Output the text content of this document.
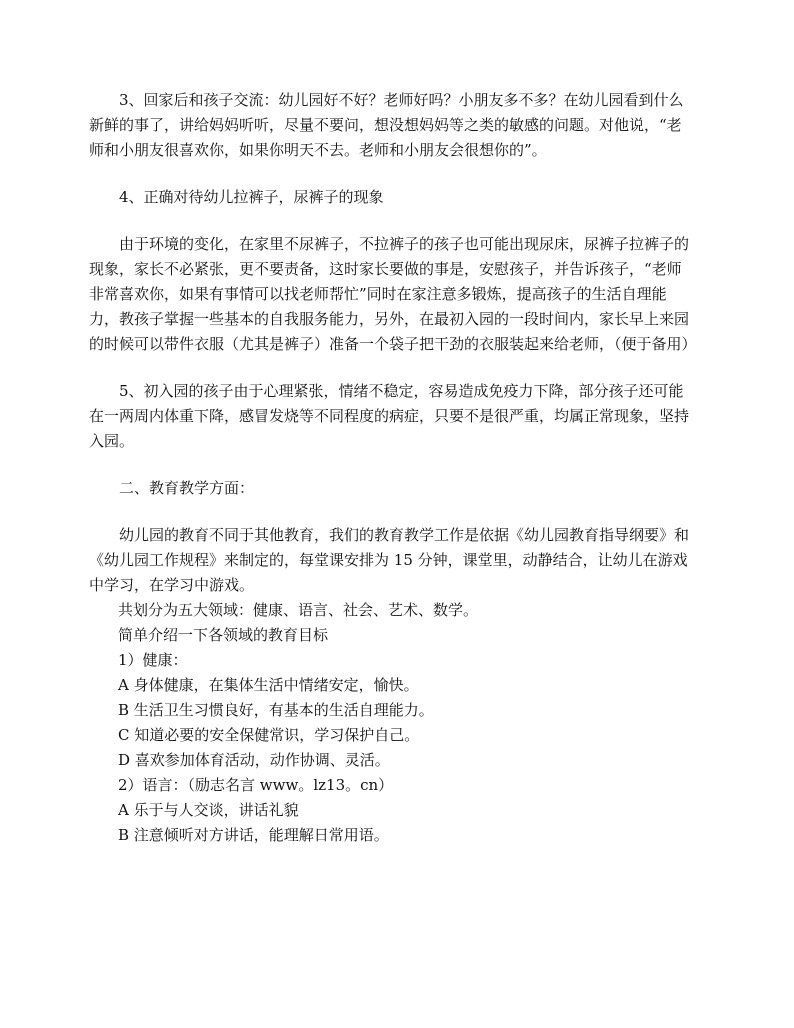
3、回家后和孩子交流：幼儿园好不好？老师好吗？小朋友多不多？在幼儿园看到什么新鲜的事了，讲给妈妈听听，尽量不要问，想没想妈妈等之类的敏感的问题。对他说，“老师和小朋友很喜欢你，如果你明天不去。老师和小朋友会很想你的”。

4、正确对待幼儿拉裤子，尿裤子的现象

由于环境的变化，在家里不尿裤子，不拉裤子的孩子也可能出现尿床，尿裤子拉裤子的现象，家长不必紧张，更不要责备，这时家长要做的事是，安慰孩子，并告诉孩子，“老师非常喜欢你，如果有事情可以找老师帮忙”同时在家注意多锻炼，提高孩子的生活自理能力，教孩子掌握一些基本的自我服务能力，另外，在最初入园的一段时间内，家长早上来园的时候可以带件衣服（尤其是裤子）准备一个袋子把干劲的衣服装起来给老师，（便于备用）

5、初入园的孩子由于心理紧张，情绪不稳定，容易造成免疫力下降，部分孩子还可能在一两周内体重下降，感冒发烧等不同程度的病症，只要不是很严重，均属正常现象，坚持入园。

二、教育教学方面：

幼儿园的教育不同于其他教育，我们的教育教学工作是依据《幼儿园教育指导纲要》和《幼儿园工作规程》来制定的，每堂课安排为 15 分钟，课堂里，动静结合，让幼儿在游戏中学习，在学习中游戏。

共划分为五大领域：健康、语言、社会、艺术、数学。

简单介绍一下各领域的教育目标

1）健康：

A 身体健康，在集体生活中情绪安定，愉快。

B 生活卫生习惯良好，有基本的生活自理能力。

C 知道必要的安全保健常识，学习保护自己。

D 喜欢参加体育活动，动作协调、灵活。

2）语言：（励志名言 www。lz13。cn）

A 乐于与人交谈，讲话礼貌

B 注意倾听对方讲话，能理解日常用语。
